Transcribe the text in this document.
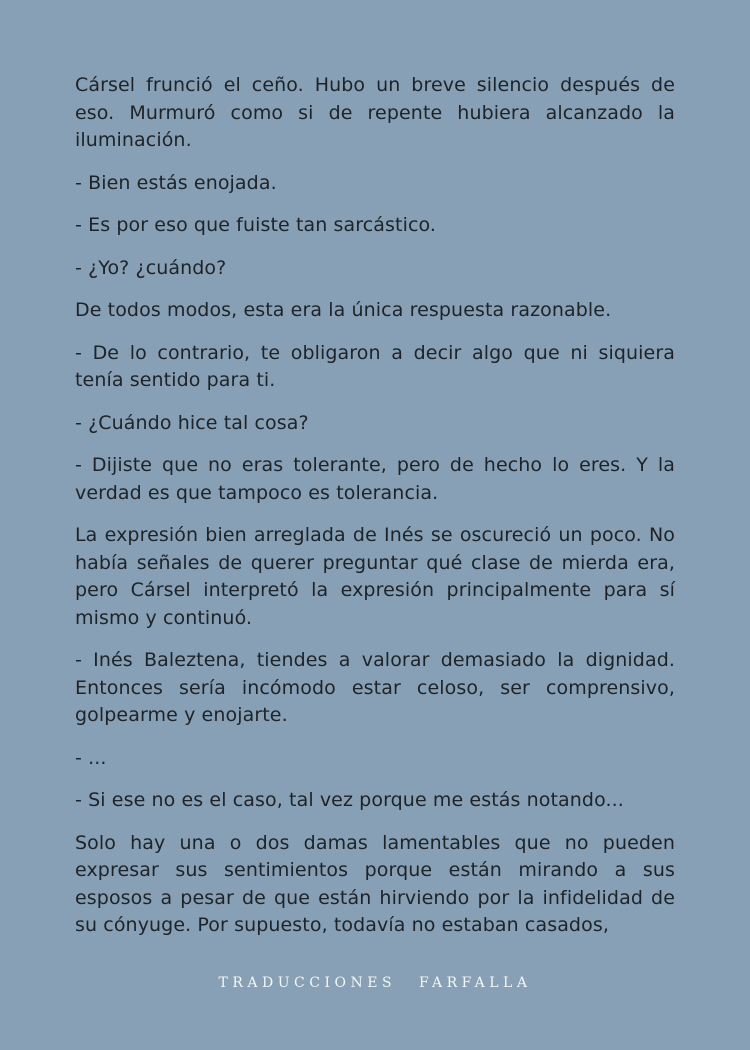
Cársel frunció el ceño. Hubo un breve silencio después de eso. Murmuró como si de repente hubiera alcanzado la iluminación.

- Bien estás enojada.

- Es por eso que fuiste tan sarcástico.

- ¿Yo? ¿cuándo?

De todos modos, esta era la única respuesta razonable.

- De lo contrario, te obligaron a decir algo que ni siquiera tenía sentido para ti.

- ¿Cuándo hice tal cosa?

- Dijiste que no eras tolerante, pero de hecho lo eres. Y la verdad es que tampoco es tolerancia.

La expresión bien arreglada de Inés se oscureció un poco. No había señales de querer preguntar qué clase de mierda era, pero Cársel interpretó la expresión principalmente para sí mismo y continuó.

- Inés Baleztena, tiendes a valorar demasiado la dignidad. Entonces sería incómodo estar celoso, ser comprensivo, golpearme y enojarte.

- ...

- Si ese no es el caso, tal vez porque me estás notando...

Solo hay una o dos damas lamentables que no pueden expresar sus sentimientos porque están mirando a sus esposos a pesar de que están hirviendo por la infidelidad de su cónyuge. Por supuesto, todavía no estaban casados,

TRADUCCIONES FARFALLA
